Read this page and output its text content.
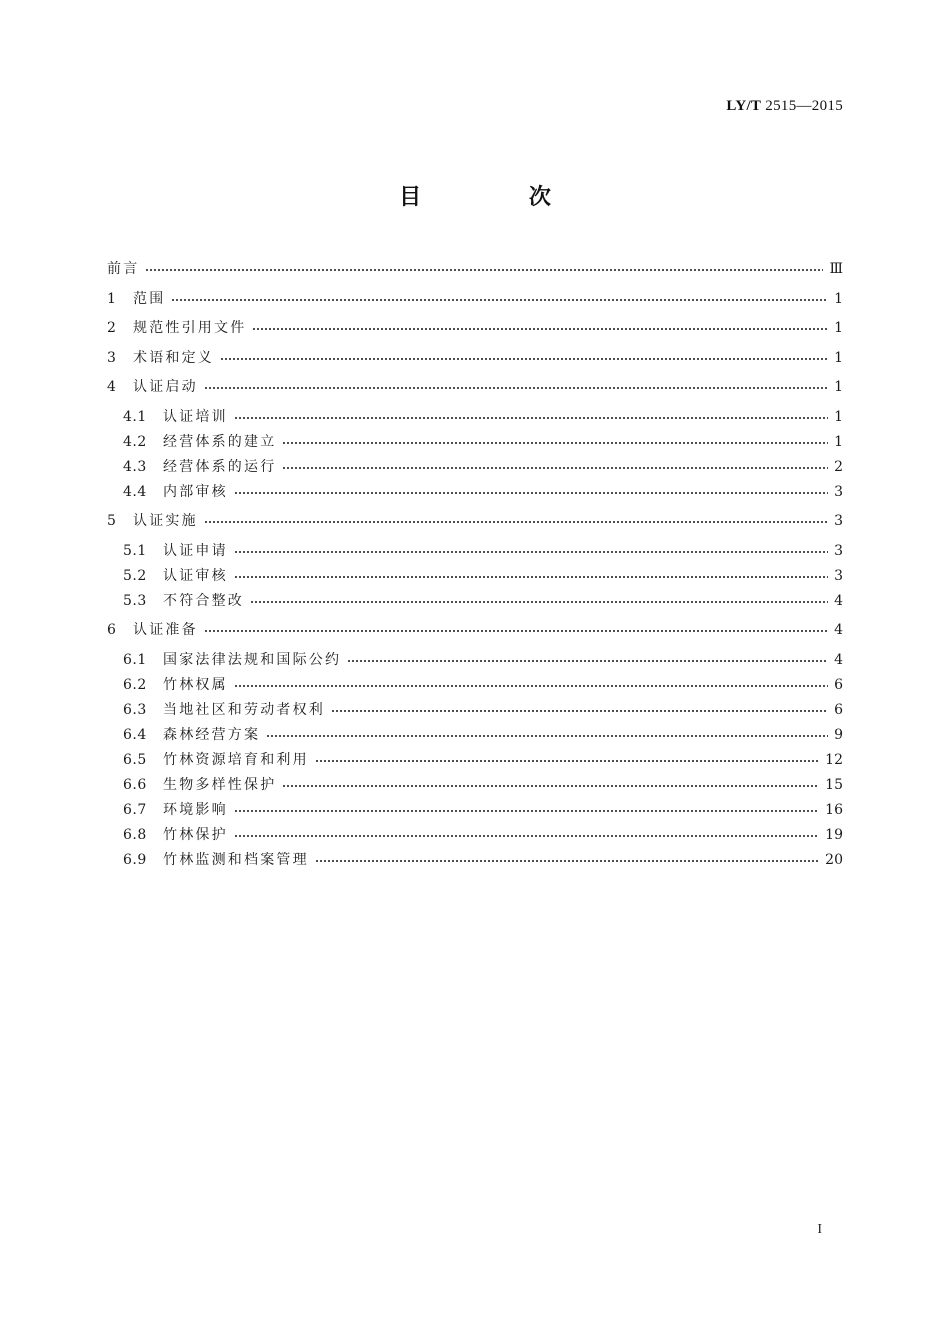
LY/T 2515—2015
目 次
前言	Ⅲ
1	范围	1
2	规范性引用文件	1
3	术语和定义	1
4	认证启动	1
4.1	认证培训	1
4.2	经营体系的建立	1
4.3	经营体系的运行	2
4.4	内部审核	3
5	认证实施	3
5.1	认证申请	3
5.2	认证审核	3
5.3	不符合整改	4
6	认证准备	4
6.1	国家法律法规和国际公约	4
6.2	竹林权属	6
6.3	当地社区和劳动者权利	6
6.4	森林经营方案	9
6.5	竹林资源培育和利用	12
6.6	生物多样性保护	15
6.7	环境影响	16
6.8	竹林保护	19
6.9	竹林监测和档案管理	20
I
